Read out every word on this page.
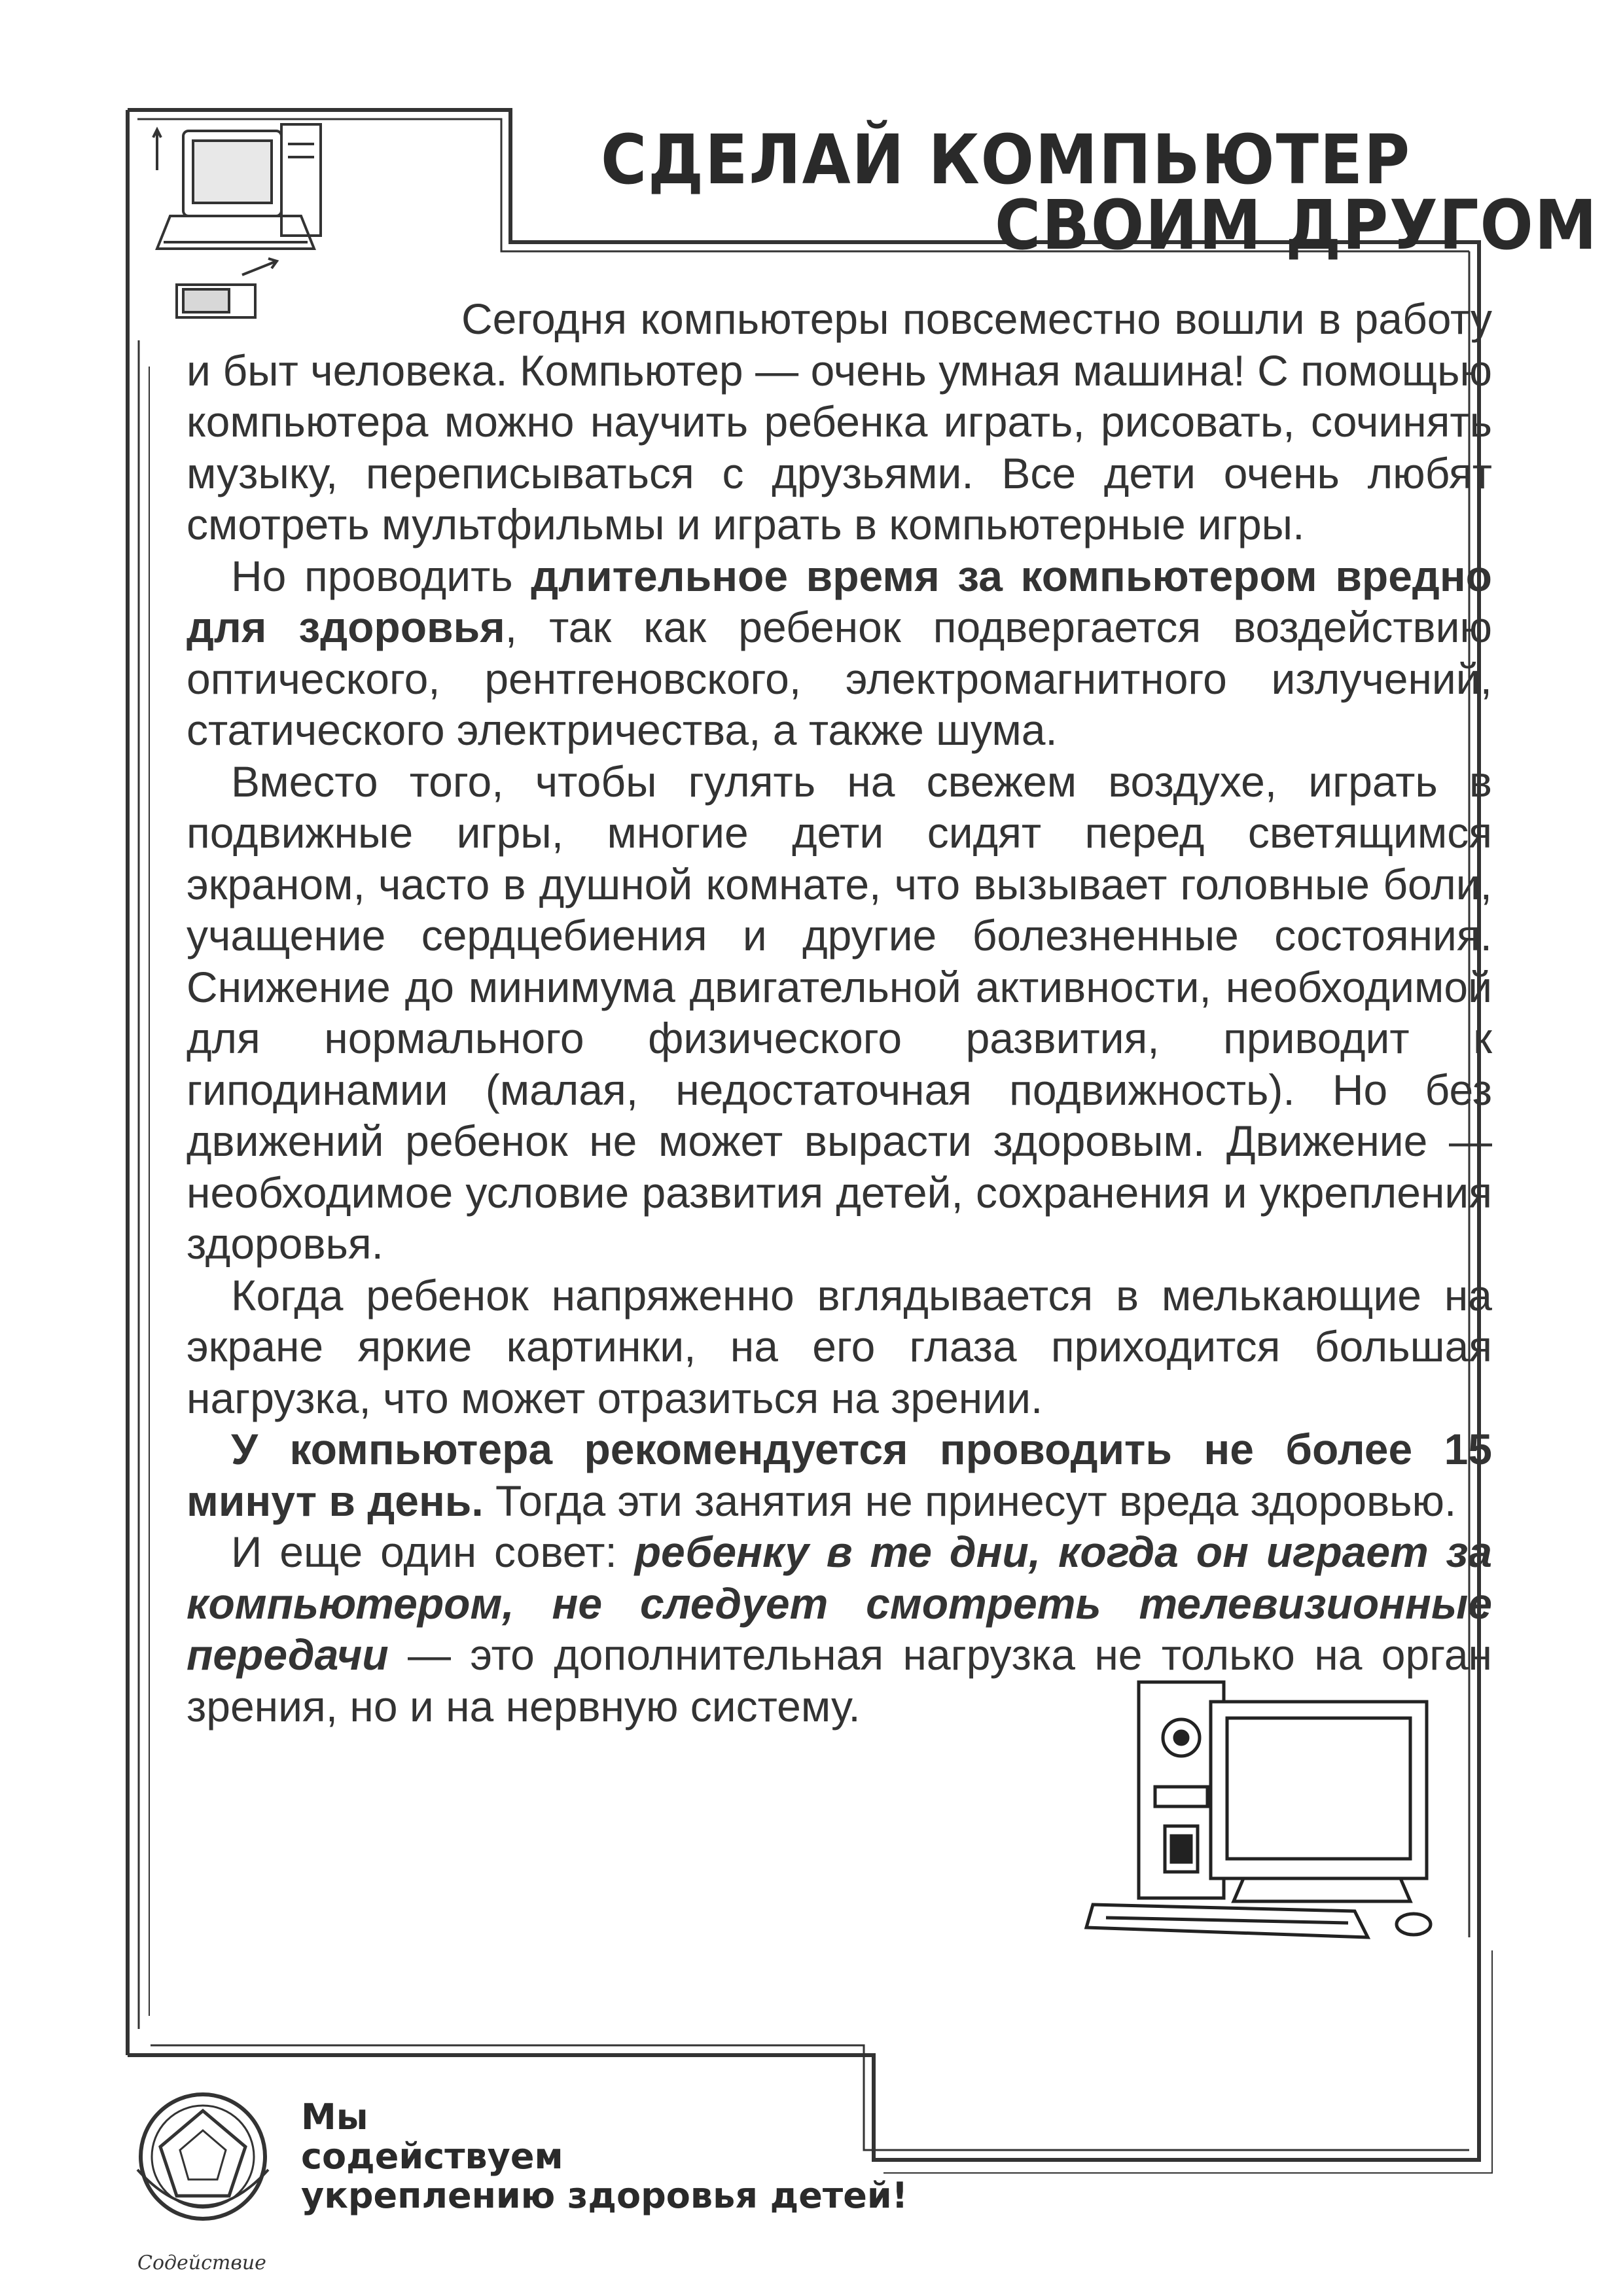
СДЕЛАЙ КОМПЬЮТЕР
СВОИМ ДРУГОМ

Сегодня компьютеры повсеместно вошли в работу и быт человека. Компьютер — очень умная машина! С помощью компьютера можно научить ребенка играть, рисовать, сочинять музыку, переписываться с друзьями. Все дети очень любят смотреть мультфильмы и играть в компьютерные игры.

Но проводить длительное время за компьютером вредно для здоровья, так как ребенок подвергается воздействию оптического, рентгеновского, электромагнитного излучений, статического электричества, а также шума.

Вместо того, чтобы гулять на свежем воздухе, играть в подвижные игры, многие дети сидят перед светящимся экраном, часто в душной комнате, что вызывает головные боли, учащение сердцебиения и другие болезненные состояния. Снижение до минимума двигательной активности, необходимой для нормального физического развития, приводит к гиподинамии (малая, недостаточная подвижность). Но без движений ребенок не может вырасти здоровым. Движение — необходимое условие развития детей, сохранения и укрепления здоровья.

Когда ребенок напряженно вглядывается в мелькающие на экране яркие картинки, на его глаза приходится большая нагрузка, что может отразиться на зрении.

У компьютера рекомендуется проводить не более 15 минут в день. Тогда эти занятия не принесут вреда здоровью.

И еще один совет: ребенку в те дни, когда он играет за компьютером, не следует смотреть телевизионные передачи — это дополнительная нагрузка не только на орган зрения, но и на нервную систему.

Содействие
Мы
содействуем
укреплению здоровья детей!
